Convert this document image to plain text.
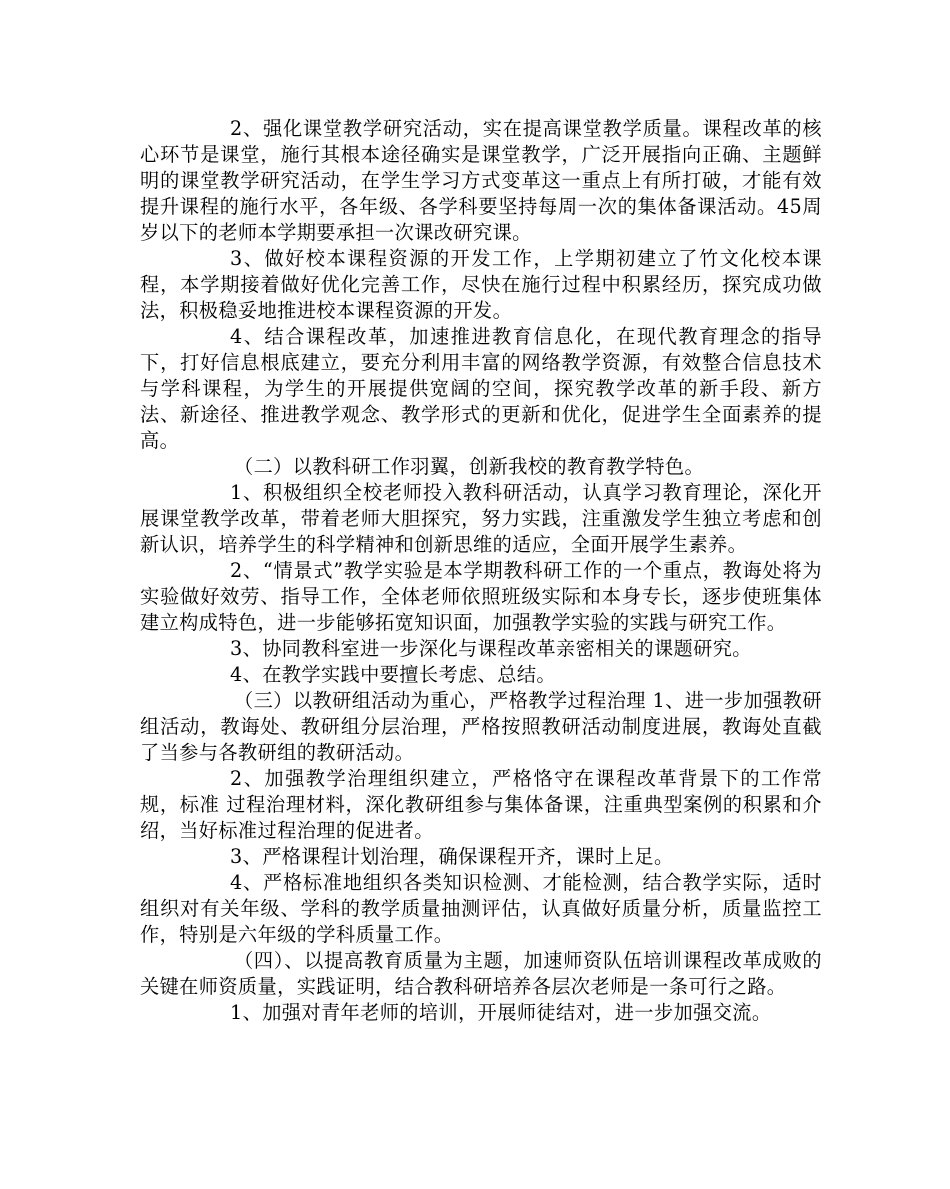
2、强化课堂教学研究活动，实在提高课堂教学质量。课程改革的核心环节是课堂，施行其根本途径确实是课堂教学，广泛开展指向正确、主题鲜明的课堂教学研究活动，在学生学习方式变革这一重点上有所打破，才能有效提升课程的施行水平，各年级、各学科要坚持每周一次的集体备课活动。45周岁以下的老师本学期要承担一次课改研究课。

3、做好校本课程资源的开发工作，上学期初建立了竹文化校本课程，本学期接着做好优化完善工作，尽快在施行过程中积累经历，探究成功做法，积极稳妥地推进校本课程资源的开发。

4、结合课程改革，加速推进教育信息化，在现代教育理念的指导下，打好信息根底建立，要充分利用丰富的网络教学资源，有效整合信息技术与学科课程，为学生的开展提供宽阔的空间，探究教学改革的新手段、新方法、新途径、推进教学观念、教学形式的更新和优化，促进学生全面素养的提高。

（二）以教科研工作羽翼，创新我校的教育教学特色。

1、积极组织全校老师投入教科研活动，认真学习教育理论，深化开展课堂教学改革，带着老师大胆探究，努力实践，注重激发学生独立考虑和创新认识，培养学生的科学精神和创新思维的适应，全面开展学生素养。

2、“情景式”教学实验是本学期教科研工作的一个重点，教诲处将为实验做好效劳、指导工作，全体老师依照班级实际和本身专长，逐步使班集体建立构成特色，进一步能够拓宽知识面，加强教学实验的实践与研究工作。

3、协同教科室进一步深化与课程改革亲密相关的课题研究。

4、在教学实践中要擅长考虑、总结。

（三）以教研组活动为重心，严格教学过程治理 1、进一步加强教研组活动，教诲处、教研组分层治理，严格按照教研活动制度进展，教诲处直截了当参与各教研组的教研活动。

2、加强教学治理组织建立，严格恪守在课程改革背景下的工作常规，标准 过程治理材料，深化教研组参与集体备课，注重典型案例的积累和介绍，当好标准过程治理的促进者。

3、严格课程计划治理，确保课程开齐，课时上足。

4、严格标准地组织各类知识检测、才能检测，结合教学实际，适时组织对有关年级、学科的教学质量抽测评估，认真做好质量分析，质量监控工作，特别是六年级的学科质量工作。

（四）、以提高教育质量为主题，加速师资队伍培训课程改革成败的关键在师资质量，实践证明，结合教科研培养各层次老师是一条可行之路。

1、加强对青年老师的培训，开展师徒结对，进一步加强交流。
